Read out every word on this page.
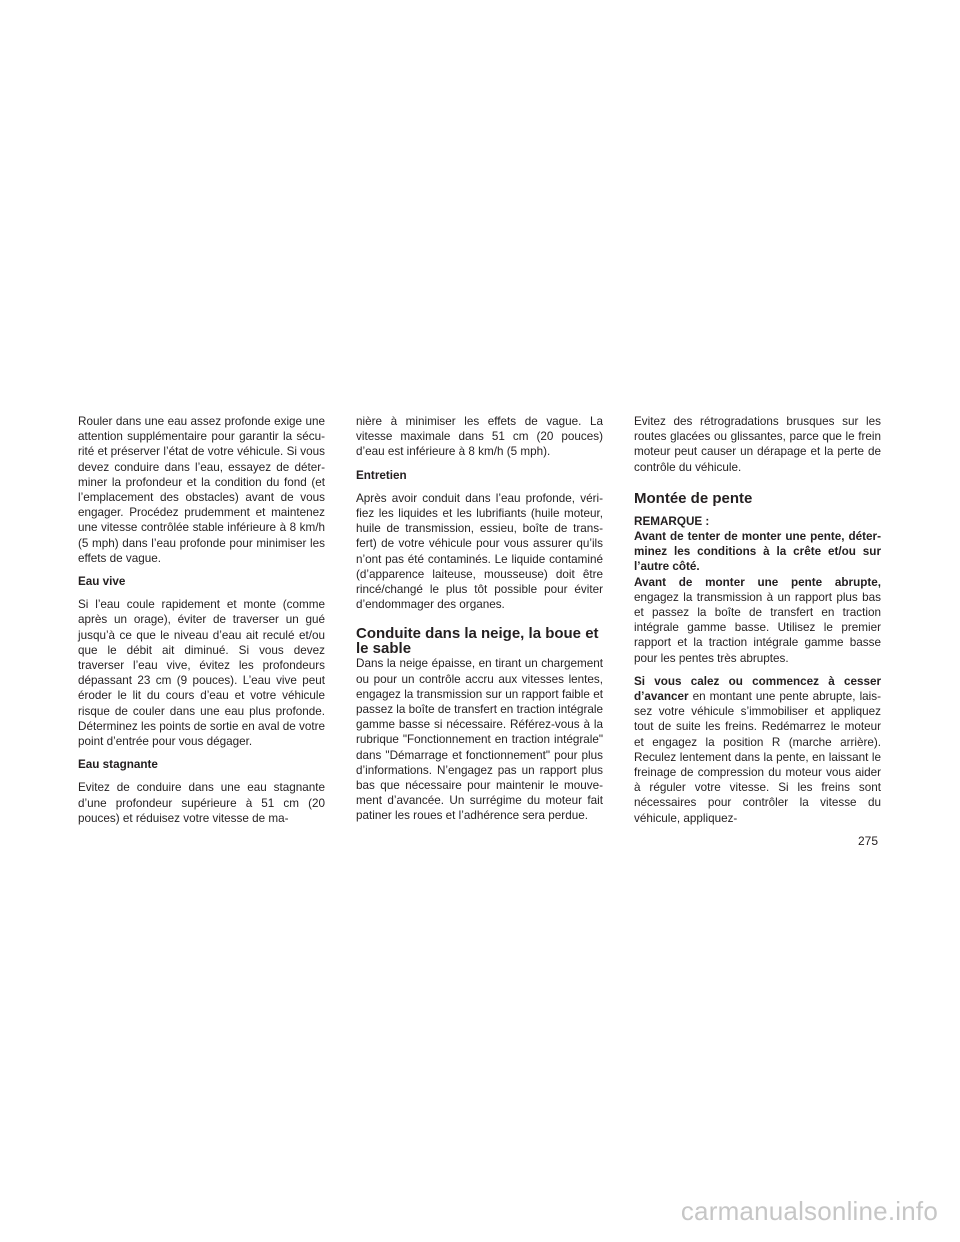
Rouler dans une eau assez profonde exige une attention supplémentaire pour garantir la sécu-rité et préserver l’état de votre véhicule. Si vous devez conduire dans l’eau, essayez de déter-miner la profondeur et la condition du fond (et l’emplacement des obstacles) avant de vous engager. Procédez prudemment et maintenez une vitesse contrôlée stable inférieure à 8 km/h (5 mph) dans l’eau profonde pour minimiser les effets de vague.

Eau vive

Si l’eau coule rapidement et monte (comme après un orage), éviter de traverser un gué jusqu’à ce que le niveau d’eau ait reculé et/ou que le débit ait diminué. Si vous devez traverser l’eau vive, évitez les profondeurs dépassant 23 cm (9 pouces). L’eau vive peut éroder le lit du cours d’eau et votre véhicule risque de couler dans une eau plus profonde. Déterminez les points de sortie en aval de votre point d’entrée pour vous dégager.

Eau stagnante

Evitez de conduire dans une eau stagnante d’une profondeur supérieure à 51 cm (20 pouces) et réduisez votre vitesse de ma-

nière à minimiser les effets de vague. La vitesse maximale dans 51 cm (20 pouces) d’eau est inférieure à 8 km/h (5 mph).

Entretien

Après avoir conduit dans l’eau profonde, véri-fiez les liquides et les lubrifiants (huile moteur, huile de transmission, essieu, boîte de trans-fert) de votre véhicule pour vous assurer qu’ils n’ont pas été contaminés. Le liquide contaminé (d’apparence laiteuse, mousseuse) doit être rincé/changé le plus tôt possible pour éviter d’endommager des organes.

Conduite dans la neige, la boue et le sable

Dans la neige épaisse, en tirant un chargement ou pour un contrôle accru aux vitesses lentes, engagez la transmission sur un rapport faible et passez la boîte de transfert en traction intégrale gamme basse si nécessaire. Référez-vous à la rubrique "Fonctionnement en traction intégrale" dans "Démarrage et fonctionnement" pour plus d’informations. N’engagez pas un rapport plus bas que nécessaire pour maintenir le mouve-ment d’avancée. Un surrégime du moteur fait patiner les roues et l’adhérence sera perdue.

Evitez des rétrogradations brusques sur les routes glacées ou glissantes, parce que le frein moteur peut causer un dérapage et la perte de contrôle du véhicule.

Montée de pente

REMARQUE :

Avant de tenter de monter une pente, déter-minez les conditions à la crête et/ou sur l’autre côté.

Avant de monter une pente abrupte, engagez la transmission à un rapport plus bas et passez la boîte de transfert en traction intégrale gamme basse. Utilisez le premier rapport et la traction intégrale gamme basse pour les pentes très abruptes.

Si vous calez ou commencez à cesser d’avancer en montant une pente abrupte, lais-sez votre véhicule s’immobiliser et appliquez tout de suite les freins. Redémarrez le moteur et engagez la position R (marche arrière). Reculez lentement dans la pente, en laissant le freinage de compression du moteur vous aider à réguler votre vitesse. Si les freins sont nécessaires pour contrôler la vitesse du véhicule, appliquez-

275
carmanualsonline.info
